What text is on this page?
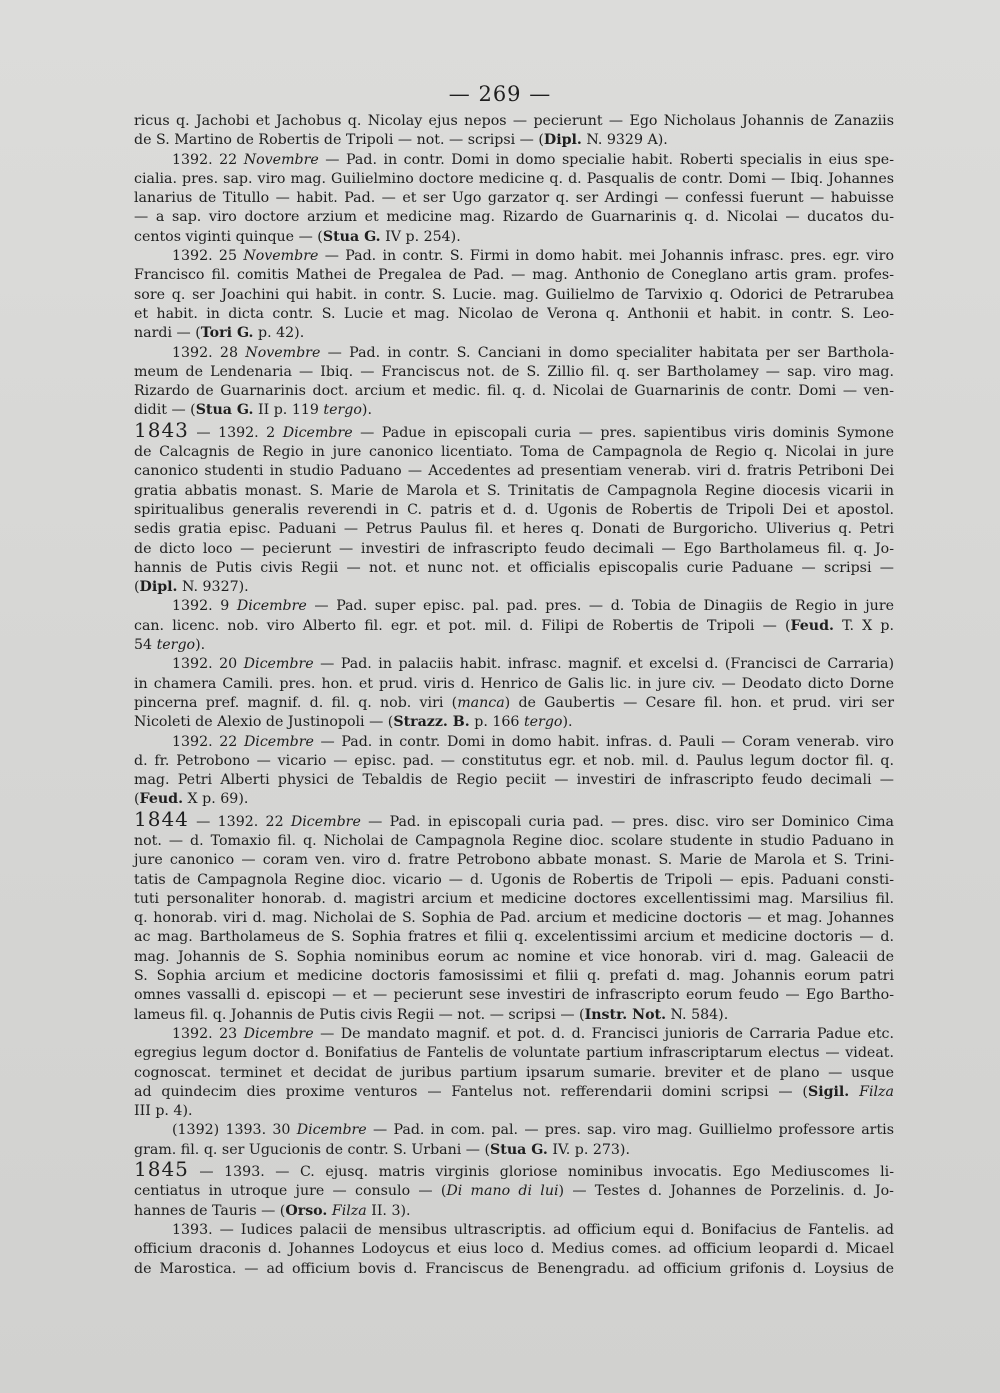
— 269 —
ricus q. Jachobi et Jachobus q. Nicolay ejus nepos — pecierunt — Ego Nicholaus Johannis de Zanaziis
de S. Martino de Robertis de Tripoli — not. — scripsi — (Dipl. N. 9329 A).
1392. 22 Novembre — Pad. in contr. Domi in domo specialie habit. Roberti specialis in eius spe-
cialia. pres. sap. viro mag. Guilielmino doctore medicine q. d. Pasqualis de contr. Domi — Ibiq. Johannes
lanarius de Titullo — habit. Pad. — et ser Ugo garzator q. ser Ardingi — confessi fuerunt — habuisse
— a sap. viro doctore arzium et medicine mag. Rizardo de Guarnarinis q. d. Nicolai — ducatos du-
centos viginti quinque — (Stua G. IV p. 254).
1392. 25 Novembre — Pad. in contr. S. Firmi in domo habit. mei Johannis infrasc. pres. egr. viro
Francisco fil. comitis Mathei de Pregalea de Pad. — mag. Anthonio de Coneglano artis gram. profes-
sore q. ser Joachini qui habit. in contr. S. Lucie. mag. Guilielmo de Tarvixio q. Odorici de Petrarubea
et habit. in dicta contr. S. Lucie et mag. Nicolao de Verona q. Anthonii et habit. in contr. S. Leo-
nardi — (Tori G. p. 42).
1392. 28 Novembre — Pad. in contr. S. Canciani in domo specialiter habitata per ser Barthola-
meum de Lendenaria — Ibiq. — Franciscus not. de S. Zillio fil. q. ser Bartholamey — sap. viro mag.
Rizardo de Guarnarinis doct. arcium et medic. fil. q. d. Nicolai de Guarnarinis de contr. Domi — ven-
didit — (Stua G. II p. 119 tergo).
1843 — 1392. 2 Dicembre — Padue in episcopali curia — pres. sapientibus viris dominis Symone
de Calcagnis de Regio in jure canonico licentiato. Toma de Campagnola de Regio q. Nicolai in jure
canonico studenti in studio Paduano — Accedentes ad presentiam venerab. viri d. fratris Petriboni Dei
gratia abbatis monast. S. Marie de Marola et S. Trinitatis de Campagnola Regine diocesis vicarii in
spiritualibus generalis reverendi in C. patris et d. d. Ugonis de Robertis de Tripoli Dei et apostol.
sedis gratia episc. Paduani — Petrus Paulus fil. et heres q. Donati de Burgoricho. Uliverius q. Petri
de dicto loco — pecierunt — investiri de infrascripto feudo decimali — Ego Bartholameus fil. q. Jo-
hannis de Putis civis Regii — not. et nunc not. et officialis episcopalis curie Paduane — scripsi —
(Dipl. N. 9327).
1392. 9 Dicembre — Pad. super episc. pal. pad. pres. — d. Tobia de Dinagiis de Regio in jure
can. licenc. nob. viro Alberto fil. egr. et pot. mil. d. Filipi de Robertis de Tripoli — (Feud. T. X p.
54 tergo).
1392. 20 Dicembre — Pad. in palaciis habit. infrasc. magnif. et excelsi d. (Francisci de Carraria)
in chamera Camili. pres. hon. et prud. viris d. Henrico de Galis lic. in jure civ. — Deodato dicto Dorne
pincerna pref. magnif. d. fil. q. nob. viri (manca) de Gaubertis — Cesare fil. hon. et prud. viri ser
Nicoleti de Alexio de Justinopoli — (Strazz. B. p. 166 tergo).
1392. 22 Dicembre — Pad. in contr. Domi in domo habit. infras. d. Pauli — Coram venerab. viro
d. fr. Petrobono — vicario — episc. pad. — constitutus egr. et nob. mil. d. Paulus legum doctor fil. q.
mag. Petri Alberti physici de Tebaldis de Regio peciit — investiri de infrascripto feudo decimali —
(Feud. X p. 69).
1844 — 1392. 22 Dicembre — Pad. in episcopali curia pad. — pres. disc. viro ser Dominico Cima
not. — d. Tomaxio fil. q. Nicholai de Campagnola Regine dioc. scolare studente in studio Paduano in
jure canonico — coram ven. viro d. fratre Petrobono abbate monast. S. Marie de Marola et S. Trini-
tatis de Campagnola Regine dioc. vicario — d. Ugonis de Robertis de Tripoli — epis. Paduani consti-
tuti personaliter honorab. d. magistri arcium et medicine doctores excellentissimi mag. Marsilius fil.
q. honorab. viri d. mag. Nicholai de S. Sophia de Pad. arcium et medicine doctoris — et mag. Johannes
ac mag. Bartholameus de S. Sophia fratres et filii q. excelentissimi arcium et medicine doctoris — d.
mag. Johannis de S. Sophia nominibus eorum ac nomine et vice honorab. viri d. mag. Galeacii de
S. Sophia arcium et medicine doctoris famosissimi et filii q. prefati d. mag. Johannis eorum patri
omnes vassalli d. episcopi — et — pecierunt sese investiri de infrascripto eorum feudo — Ego Bartho-
lameus fil. q. Johannis de Putis civis Regii — not. — scripsi — (Instr. Not. N. 584).
1392. 23 Dicembre — De mandato magnif. et pot. d. d. Francisci junioris de Carraria Padue etc.
egregius legum doctor d. Bonifatius de Fantelis de voluntate partium infrascriptarum electus — videat.
cognoscat. terminet et decidat de juribus partium ipsarum sumarie. breviter et de plano — usque
ad quindecim dies proxime venturos — Fantelus not. refferendarii domini scripsi — (Sigil. Filza
III p. 4).
(1392) 1393. 30 Dicembre — Pad. in com. pal. — pres. sap. viro mag. Guillielmo professore artis
gram. fil. q. ser Ugucionis de contr. S. Urbani — (Stua G. IV. p. 273).
1845 — 1393. — C. ejusq. matris virginis gloriose nominibus invocatis. Ego Mediuscomes li-
centiatus in utroque jure — consulo — (Di mano di lui) — Testes d. Johannes de Porzelinis. d. Jo-
hannes de Tauris — (Orso. Filza II. 3).
1393. — Iudices palacii de mensibus ultrascriptis. ad officium equi d. Bonifacius de Fantelis. ad
officium draconis d. Johannes Lodoycus et eius loco d. Medius comes. ad officium leopardi d. Micael
de Marostica. — ad officium bovis d. Franciscus de Benengradu. ad officium grifonis d. Loysius de
